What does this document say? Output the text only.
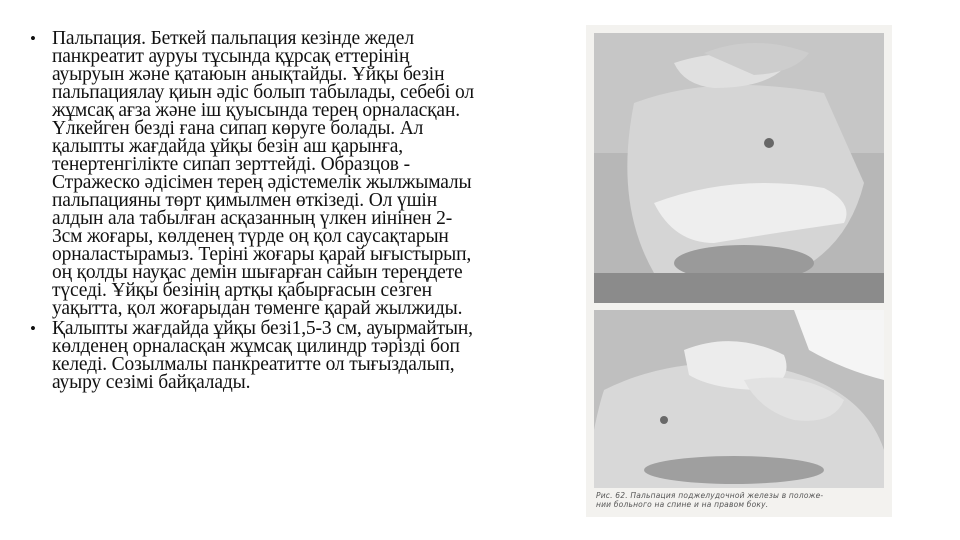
• Пальпация. Беткей пальпация кезінде жедел
панкреатит ауруы тұсында құрсақ еттерінің
ауыруын және қатаюын анықтайды. Ұйқы безін
пальпациялау қиын әдіс болып табылады, себебі ол
жұмсақ ағза және іш қуысында терең орналасқан.
Үлкейген безді ғана сипап көруге болады. Ал
қалыпты жағдайда ұйқы безін аш қарынға,
тенертенгілікте сипап зерттейді. Образцов -
Стражеско әдісімен терең әдістемелік жылжымалы
пальпацияны төрт қимылмен өткізеді. Ол үшін
алдын ала табылған асқазанның үлкен иінінен 2-
3см жоғары, көлденең түрде оң қол саусақтарын
орналастырамыз. Теріні жоғары қарай ығыстырып,
оң қолды науқас демін шығарған сайын тереңдете
түседі. Ұйқы безінің артқы қабырғасын сезген
уақытта, қол жоғарыдан төменге қарай жылжиды.
• Қалыпты жағдайда ұйқы безі1,5-3 см, ауырмайтын,
көлденең орналасқан жұмсақ цилиндр тәрізді боп
келеді. Созылмалы панкреатитте ол тығыздалып,
ауыру сезімі байқалады.
Рис. 62. Пальпация поджелудочной железы в положе-
нии больного на спине и на правом боку.
